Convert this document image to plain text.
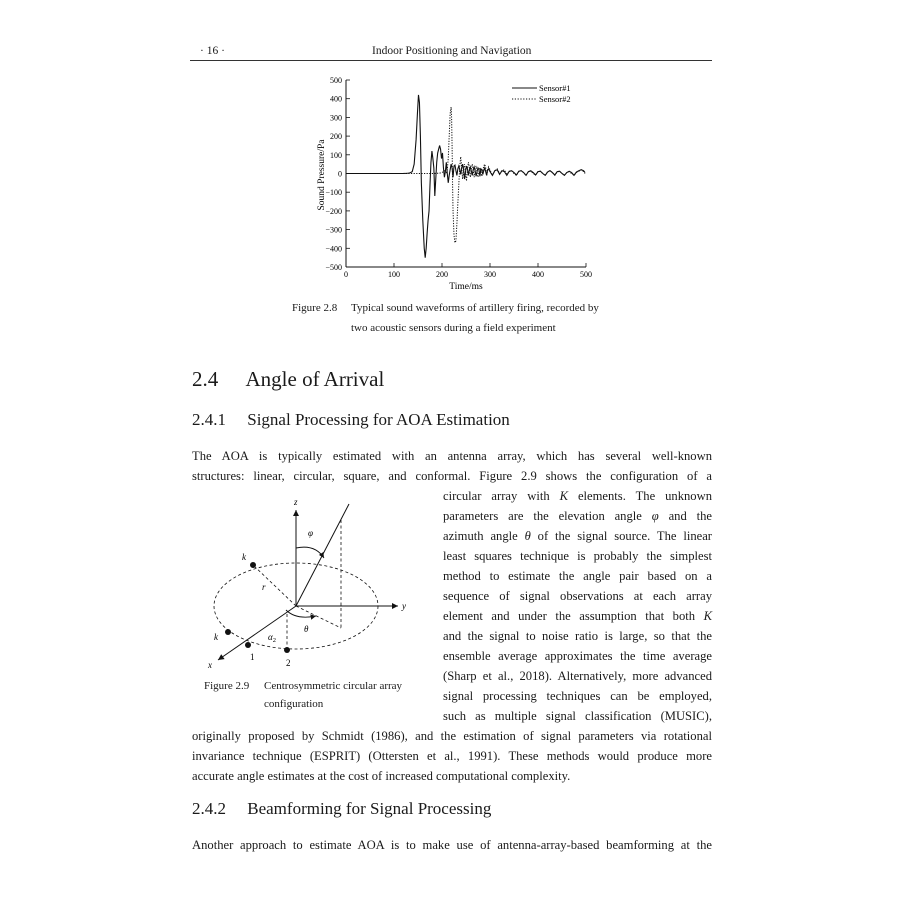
· 16 ·	Indoor Positioning and Navigation
500
400
300
200
100
0
−100
−200
−300
−400
−500
0	100	200	300	400	500
Sound Pressure/Pa
Time/ms
Sensor#1
Sensor#2
Figure 2.8 Typical sound waveforms of artillery firing, recorded by
two acoustic sensors during a field experiment
2.4 Angle of Arrival
2.4.1 Signal Processing for AOA Estimation

The AOA is typically estimated with an antenna array, which has several well-known

structures: linear, circular, square, and conformal. Figure 2.9 shows the configuration of a

z
y
x
φ
θ
r
k
k	$\alpha_2$
1
2
Figure 2.9 Centrosymmetric circular array
configuration

circular array with K elements. The unknown

parameters are the elevation angle φ and the

azimuth angle θ of the signal source. The linear

least squares technique is probably the simplest

method to estimate the angle pair based on a

sequence of signal observations at each array

element and under the assumption that both K

and the signal to noise ratio is large, so that the

ensemble average approximates the time average

(Sharp et al., 2018). Alternatively, more advanced

signal processing techniques can be employed,

such as multiple signal classification (MUSIC),

originally proposed by Schmidt (1986), and the estimation of signal parameters via rotational

invariance technique (ESPRIT) (Ottersten et al., 1991). These methods would produce more

accurate angle estimates at the cost of increased computational complexity.

2.4.2 Beamforming for Signal Processing

Another approach to estimate AOA is to make use of antenna-array-based beamforming at the
